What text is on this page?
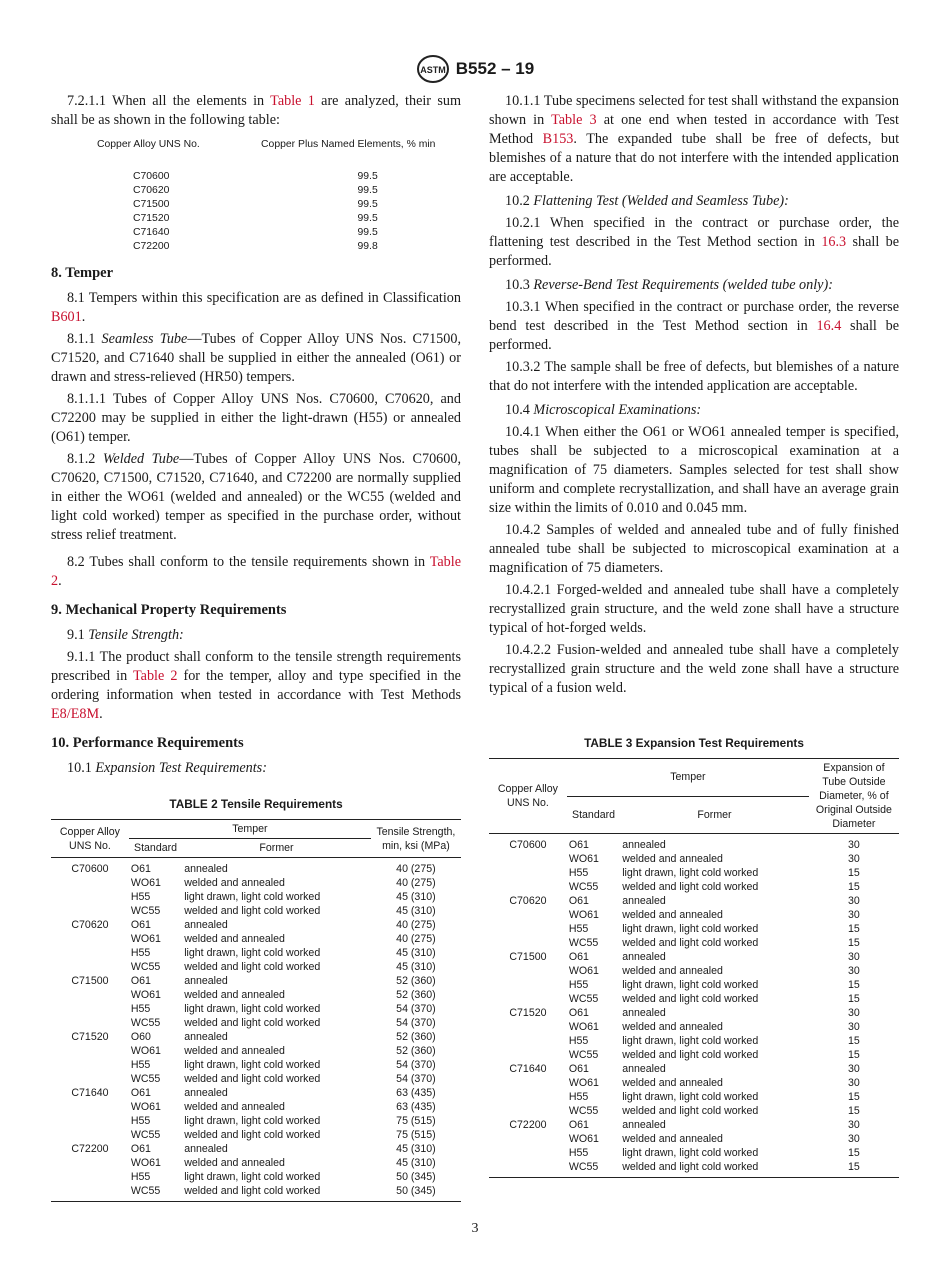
ASTM B552 – 19

7.2.1.1 When all the elements in Table 1 are analyzed, their sum shall be as shown in the following table:

Copper Alloy UNS No.	Copper Plus Named Elements, % min
C70600	99.5
C70620	99.5
C71500	99.5
C71520	99.5
C71640	99.5
C72200	99.8
8. Temper

8.1 Tempers within this specification are as defined in Classification B601.

8.1.1 Seamless Tube—Tubes of Copper Alloy UNS Nos. C71500, C71520, and C71640 shall be supplied in either the annealed (O61) or drawn and stress-relieved (HR50) tempers.

8.1.1.1 Tubes of Copper Alloy UNS Nos. C70600, C70620, and C72200 may be supplied in either the light-drawn (H55) or annealed (O61) temper.

8.1.2 Welded Tube—Tubes of Copper Alloy UNS Nos. C70600, C70620, C71500, C71520, C71640, and C72200 are normally supplied in either the WO61 (welded and annealed) or the WC55 (welded and light cold worked) temper as specified in the purchase order, without stress relief treatment.

8.2 Tubes shall conform to the tensile requirements shown in Table 2.

9. Mechanical Property Requirements

9.1 Tensile Strength:

9.1.1 The product shall conform to the tensile strength requirements prescribed in Table 2 for the temper, alloy and type specified in the ordering information when tested in accordance with Test Methods E8/E8M.

10. Performance Requirements

10.1 Expansion Test Requirements:

TABLE 2 Tensile Requirements
Copper Alloy UNS No.	Temper		Tensile Strength, min, ksi (MPa)
	Standard	Former	
C70600	O61	annealed	40 (275)
	WO61	welded and annealed	40 (275)
	H55	light drawn, light cold worked	45 (310)
	WC55	welded and light cold worked	45 (310)
C70620	O61	annealed	40 (275)
	WO61	welded and annealed	40 (275)
	H55	light drawn, light cold worked	45 (310)
	WC55	welded and light cold worked	45 (310)
C71500	O61	annealed	52 (360)
	WO61	welded and annealed	52 (360)
	H55	light drawn, light cold worked	54 (370)
	WC55	welded and light cold worked	54 (370)
C71520	O60	annealed	52 (360)
	WO61	welded and annealed	52 (360)
	H55	light drawn, light cold worked	54 (370)
	WC55	welded and light cold worked	54 (370)
C71640	O61	annealed	63 (435)
	WO61	welded and annealed	63 (435)
	H55	light drawn, light cold worked	75 (515)
	WC55	welded and light cold worked	75 (515)
C72200	O61	annealed	45 (310)
	WO61	welded and annealed	45 (310)
	H55	light drawn, light cold worked	50 (345)
	WC55	welded and light cold worked	50 (345)

10.1.1 Tube specimens selected for test shall withstand the expansion shown in Table 3 at one end when tested in accordance with Test Method B153. The expanded tube shall be free of defects, but blemishes of a nature that do not interfere with the intended application are acceptable.

10.2 Flattening Test (Welded and Seamless Tube):

10.2.1 When specified in the contract or purchase order, the flattening test described in the Test Method section in 16.3 shall be performed.

10.3 Reverse-Bend Test Requirements (welded tube only):

10.3.1 When specified in the contract or purchase order, the reverse bend test described in the Test Method section in 16.4 shall be performed.

10.3.2 The sample shall be free of defects, but blemishes of a nature that do not interfere with the intended application are acceptable.

10.4 Microscopical Examinations:

10.4.1 When either the O61 or WO61 annealed temper is specified, tubes shall be subjected to a microscopical examination at a magnification of 75 diameters. Samples selected for test shall show uniform and complete recrystallization, and shall have an average grain size within the limits of 0.010 and 0.045 mm.

10.4.2 Samples of welded and annealed tube and of fully finished annealed tube shall be subjected to microscopical examination at a magnification of 75 diameters.

10.4.2.1 Forged-welded and annealed tube shall have a completely recrystallized grain structure, and the weld zone shall have a structure typical of hot-forged welds.

10.4.2.2 Fusion-welded and annealed tube shall have a completely recrystallized grain structure and the weld zone shall have a structure typical of a fusion weld.

TABLE 3 Expansion Test Requirements
Copper Alloy UNS No.	Temper		Expansion of Tube Outside Diameter, % of Original Outside Diameter
	Standard	Former	
C70600	O61	annealed	30
	WO61	welded and annealed	30
	H55	light drawn, light cold worked	15
	WC55	welded and light cold worked	15
C70620	O61	annealed	30
	WO61	welded and annealed	30
	H55	light drawn, light cold worked	15
	WC55	welded and light cold worked	15
C71500	O61	annealed	30
	WO61	welded and annealed	30
	H55	light drawn, light cold worked	15
	WC55	welded and light cold worked	15
C71520	O61	annealed	30
	WO61	welded and annealed	30
	H55	light drawn, light cold worked	15
	WC55	welded and light cold worked	15
C71640	O61	annealed	30
	WO61	welded and annealed	30
	H55	light drawn, light cold worked	15
	WC55	welded and light cold worked	15
C72200	O61	annealed	30
	WO61	welded and annealed	30
	H55	light drawn, light cold worked	15
	WC55	welded and light cold worked	15
3
